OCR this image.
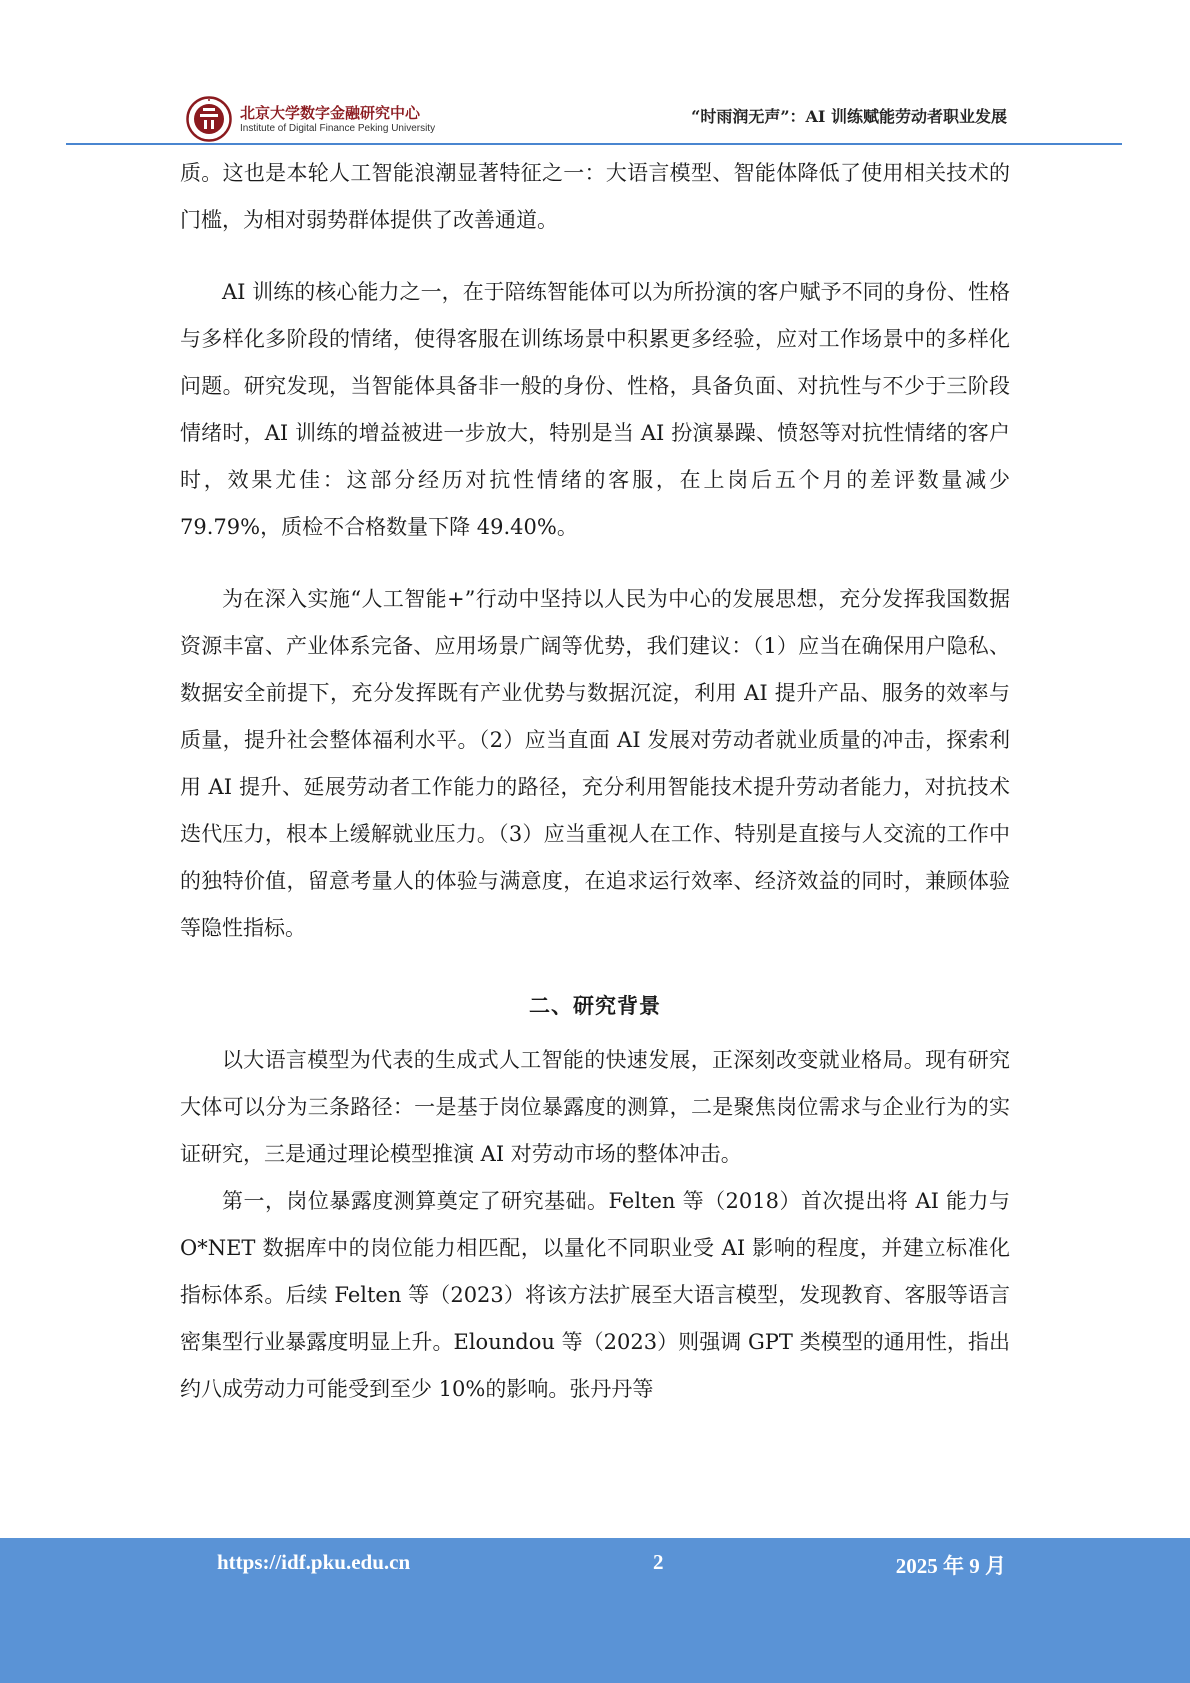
北京大学数字金融研究中心
Institute of Digital Finance Peking University
“时雨润无声”：AI 训练赋能劳动者职业发展

质。这也是本轮人工智能浪潮显著特征之一：大语言模型、智能体降低了使用相关技术的门槛，为相对弱势群体提供了改善通道。

AI 训练的核心能力之一，在于陪练智能体可以为所扮演的客户赋予不同的身份、性格与多样化多阶段的情绪，使得客服在训练场景中积累更多经验，应对工作场景中的多样化问题。研究发现，当智能体具备非一般的身份、性格，具备负面、对抗性与不少于三阶段情绪时，AI 训练的增益被进一步放大，特别是当 AI 扮演暴躁、愤怒等对抗性情绪的客户时，效果尤佳：这部分经历对抗性情绪的客服，在上岗后五个月的差评数量减少 79.79%，质检不合格数量下降 49.40%。

为在深入实施“人工智能+”行动中坚持以人民为中心的发展思想，充分发挥我国数据资源丰富、产业体系完备、应用场景广阔等优势，我们建议：（1）应当在确保用户隐私、数据安全前提下，充分发挥既有产业优势与数据沉淀，利用 AI 提升产品、服务的效率与质量，提升社会整体福利水平。（2）应当直面 AI 发展对劳动者就业质量的冲击，探索利用 AI 提升、延展劳动者工作能力的路径，充分利用智能技术提升劳动者能力，对抗技术迭代压力，根本上缓解就业压力。（3）应当重视人在工作、特别是直接与人交流的工作中的独特价值，留意考量人的体验与满意度，在追求运行效率、经济效益的同时，兼顾体验等隐性指标。

二、研究背景

以大语言模型为代表的生成式人工智能的快速发展，正深刻改变就业格局。现有研究大体可以分为三条路径：一是基于岗位暴露度的测算，二是聚焦岗位需求与企业行为的实证研究，三是通过理论模型推演 AI 对劳动市场的整体冲击。

第一，岗位暴露度测算奠定了研究基础。Felten 等（2018）首次提出将 AI 能力与 O*NET 数据库中的岗位能力相匹配，以量化不同职业受 AI 影响的程度，并建立标准化指标体系。后续 Felten 等（2023）将该方法扩展至大语言模型，发现教育、客服等语言密集型行业暴露度明显上升。Eloundou 等（2023）则强调 GPT 类模型的通用性，指出约八成劳动力可能受到至少 10%的影响。张丹丹等

https://idf.pku.edu.cn	2	2025 年 9 月
